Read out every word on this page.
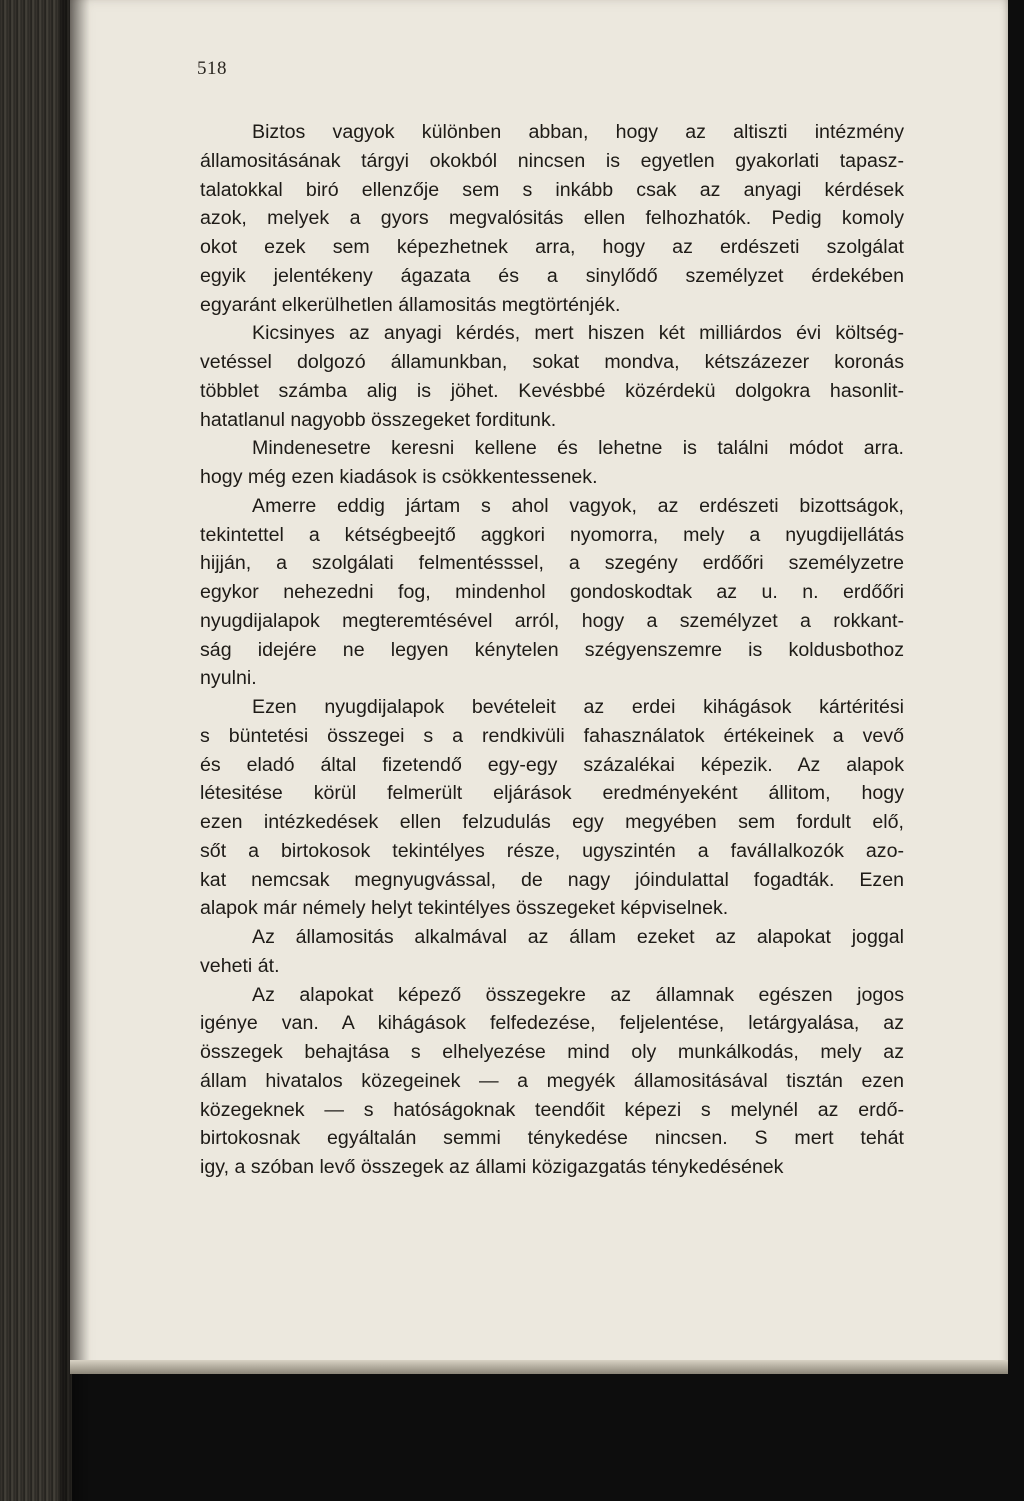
518

Biztos vagyok különben abban, hogy az altiszti intézmény
államositásának tárgyi okokból nincsen is egyetlen gyakorlati tapasz-
talatokkal biró ellenzője sem s inkább csak az anyagi kérdések
azok, melyek a gyors megvalósitás ellen felhozhatók. Pedig komoly
okot ezek sem képezhetnek arra, hogy az erdészeti szolgálat
egyik jelentékeny ágazata és a sinylődő személyzet érdekében
egyaránt elkerülhetlen államositás megtörténjék.

Kicsinyes az anyagi kérdés, mert hiszen két milliárdos évi költség-
vetéssel dolgozó államunkban, sokat mondva, kétszázezer koronás
többlet számba alig is jöhet. Kevésbbé közérdekü dolgokra hasonlit-
hatatlanul nagyobb összegeket forditunk.

Mindenesetre keresni kellene és lehetne is találni módot arra.
hogy még ezen kiadások is csökkentessenek.

Amerre eddig jártam s ahol vagyok, az erdészeti bizottságok,
tekintettel a kétségbeejtő aggkori nyomorra, mely a nyugdijellátás
hijján, a szolgálati felmentésssel, a szegény erdőőri személyzetre
egykor nehezedni fog, mindenhol gondoskodtak az u. n. erdőőri
nyugdijalapok megteremtésével arról, hogy a személyzet a rokkant-
ság idejére ne legyen kénytelen szégyenszemre is koldusbothoz
nyulni.

Ezen nyugdijalapok bevételeit az erdei kihágások kártéritési
s büntetési összegei s a rendkivüli fahasználatok értékeinek a vevő
és eladó által fizetendő egy-egy százalékai képezik. Az alapok
létesitése körül felmerült eljárások eredményeként állitom, hogy
ezen intézkedések ellen felzudulás egy megyében sem fordult elő,
sőt a birtokosok tekintélyes része, ugyszintén a faválIalkozók azo-
kat nemcsak megnyugvással, de nagy jóindulattal fogadták. Ezen
alapok már némely helyt tekintélyes összegeket képviselnek.

Az államositás alkalmával az állam ezeket az alapokat joggal
veheti át.

Az alapokat képező összegekre az államnak egészen jogos
igénye van. A kihágások felfedezése, feljelentése, letárgyalása, az
összegek behajtása s elhelyezése mind oly munkálkodás, mely az
állam hivatalos közegeinek — a megyék államositásával tisztán ezen
közegeknek — s hatóságoknak teendőit képezi s melynél az erdő-
birtokosnak egyáltalán semmi ténykedése nincsen. S mert tehát
igy, a szóban levő összegek az állami közigazgatás ténykedésének
